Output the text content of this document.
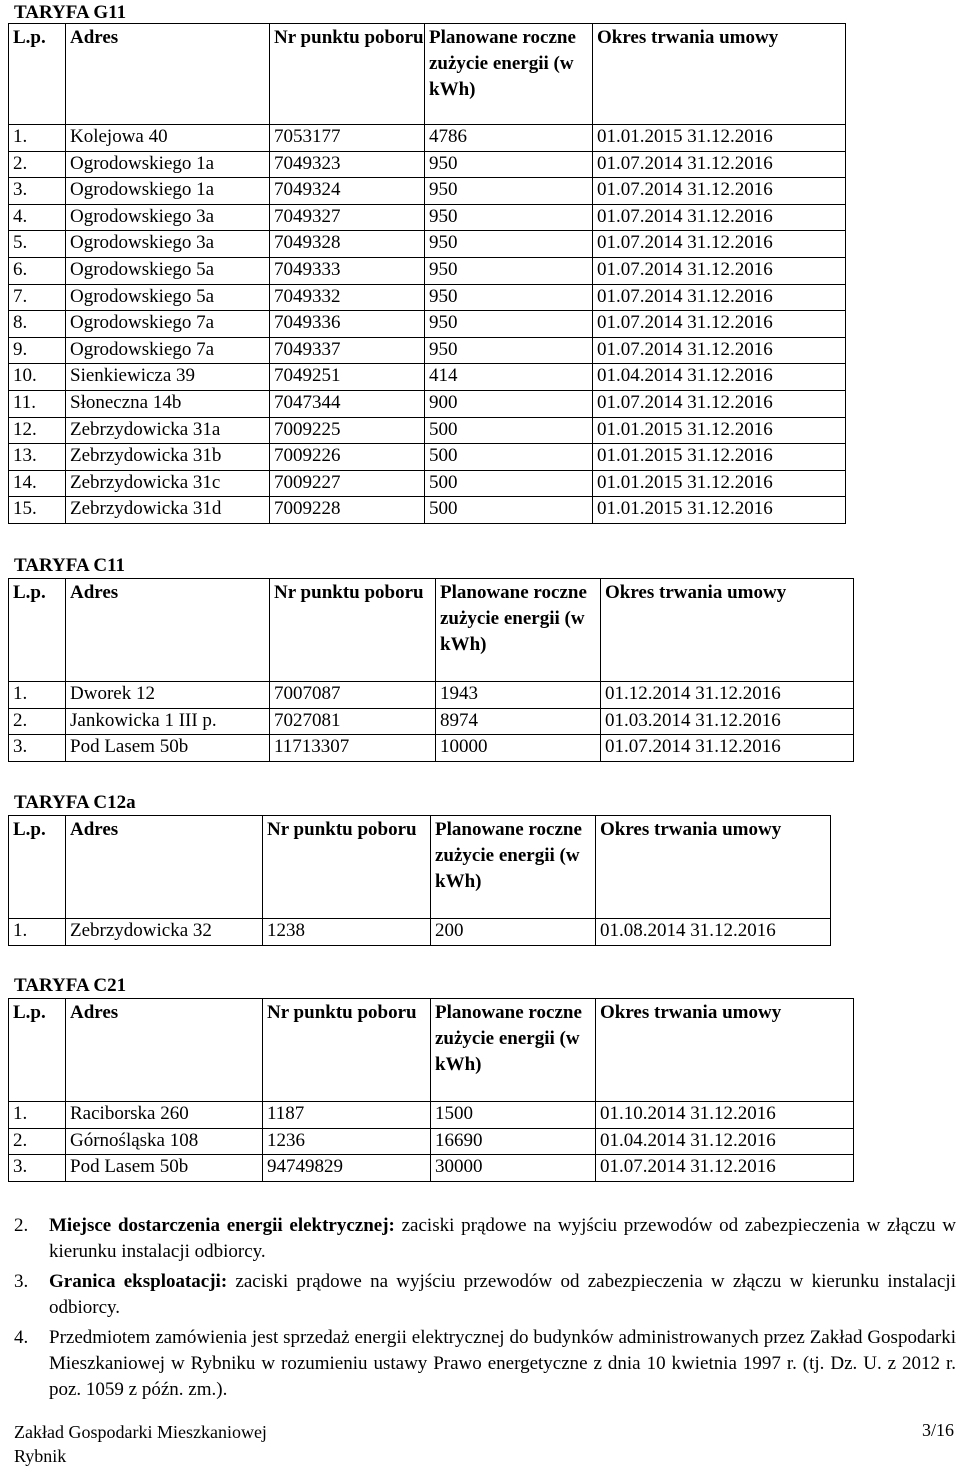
TARYFA G11
L.p.	Adres	Nr punktu poboru	Planowane roczne zużycie energii (w kWh)	Okres trwania umowy
1.	Kolejowa 40	7053177	4786	01.01.2015 31.12.2016
2.	Ogrodowskiego 1a	7049323	950	01.07.2014 31.12.2016
3.	Ogrodowskiego 1a	7049324	950	01.07.2014 31.12.2016
4.	Ogrodowskiego 3a	7049327	950	01.07.2014 31.12.2016
5.	Ogrodowskiego 3a	7049328	950	01.07.2014 31.12.2016
6.	Ogrodowskiego 5a	7049333	950	01.07.2014 31.12.2016
7.	Ogrodowskiego 5a	7049332	950	01.07.2014 31.12.2016
8.	Ogrodowskiego 7a	7049336	950	01.07.2014 31.12.2016
9.	Ogrodowskiego 7a	7049337	950	01.07.2014 31.12.2016
10.	Sienkiewicza 39	7049251	414	01.04.2014 31.12.2016
11.	Słoneczna 14b	7047344	900	01.07.2014 31.12.2016
12.	Zebrzydowicka 31a	7009225	500	01.01.2015 31.12.2016
13.	Zebrzydowicka 31b	7009226	500	01.01.2015 31.12.2016
14.	Zebrzydowicka 31c	7009227	500	01.01.2015 31.12.2016
15.	Zebrzydowicka 31d	7009228	500	01.01.2015 31.12.2016
TARYFA C11
L.p.	Adres	Nr punktu poboru	Planowane roczne zużycie energii (w kWh)	Okres trwania umowy
1.	Dworek 12	7007087	1943	01.12.2014 31.12.2016
2.	Jankowicka 1 III p.	7027081	8974	01.03.2014 31.12.2016
3.	Pod Lasem 50b	11713307	10000	01.07.2014 31.12.2016
TARYFA C12a
L.p.	Adres	Nr punktu poboru	Planowane roczne zużycie energii (w kWh)	Okres trwania umowy
1.	Zebrzydowicka 32	1238	200	01.08.2014 31.12.2016
TARYFA C21
L.p.	Adres	Nr punktu poboru	Planowane roczne zużycie energii (w kWh)	Okres trwania umowy
1.	Raciborska 260	1187	1500	01.10.2014 31.12.2016
2.	Górnośląska 108	1236	16690	01.04.2014 31.12.2016
3.	Pod Lasem 50b	94749829	30000	01.07.2014 31.12.2016
2. Miejsce dostarczenia energii elektrycznej: zaciski prądowe na wyjściu przewodów od zabezpieczenia w złączu w kierunku instalacji odbiorcy.
3. Granica eksploatacji: zaciski prądowe na wyjściu przewodów od zabezpieczenia w złączu w kierunku instalacji odbiorcy.
4. Przedmiotem zamówienia jest sprzedaż energii elektrycznej do budynków administrowanych przez Zakład Gospodarki Mieszkaniowej w Rybniku w rozumieniu ustawy Prawo energetyczne z dnia 10 kwietnia 1997 r. (tj. Dz. U. z 2012 r. poz. 1059 z późn. zm.).
Zakład Gospodarki Mieszkaniowej
Rybnik
3/16
